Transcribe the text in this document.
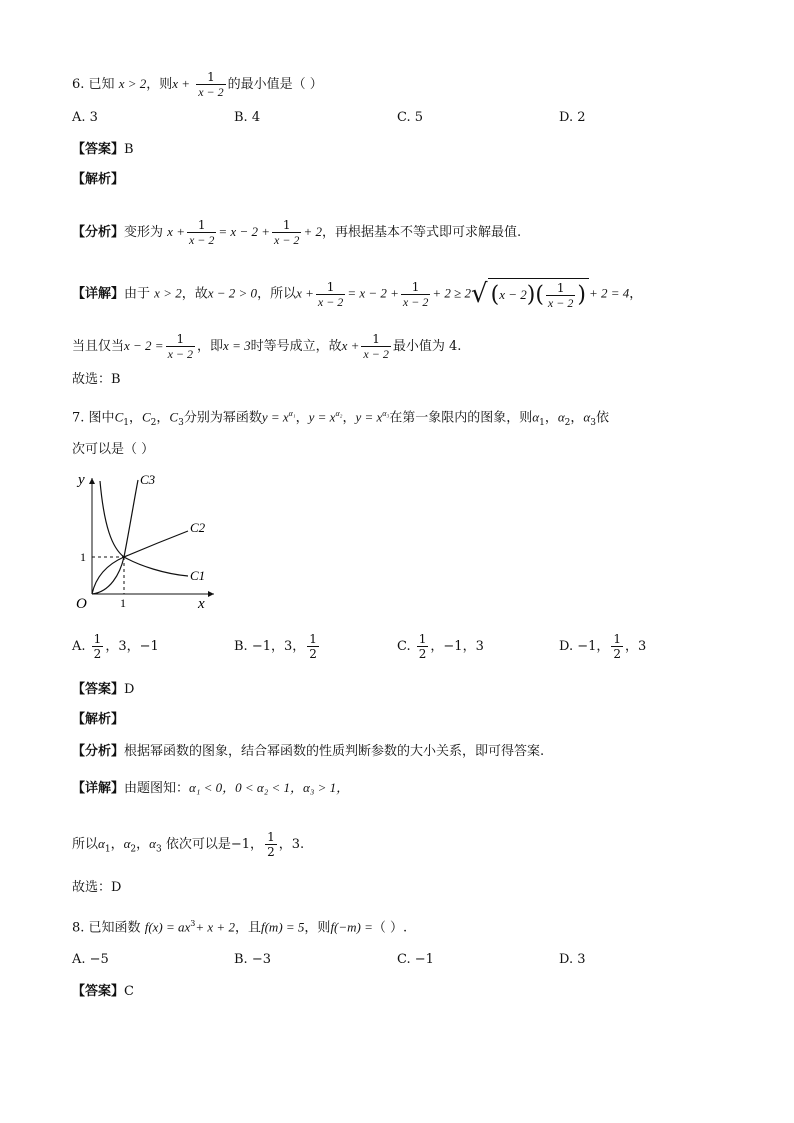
6. 已知 x > 2，则$x + \frac{1}{x - 2}$ 的最小值是（ ）
A. 3	B. 4	C. 5	D. 2
【答案】B
【解析】
【分析】变形为 $x + \frac{1}{x - 2} = x - 2 + \frac{1}{x - 2} + 2$，再根据基本不等式即可求解最值.
【详解】由于 x > 2，故x − 2 > 0，所以$x + \frac{1}{x - 2} = x - 2 + \frac{1}{x - 2} + 2 \ge 2√$ $(x - 2)( \frac{1}{x - 2}$ ) + 2 = 4，
当且仅当$x - 2 = \frac{1}{x - 2}$ ，即x = 3时等号成立，故$x + \frac{1}{x - 2}$ 最小值为 4.
故选：B
7. 图中$C_1$，$C_2$，$C_3$分别为幂函数$y = x^{\alpha_1}$，$y = x^{\alpha_2}$，$y = x^{\alpha_3}$在第一象限内的图象，则$\alpha_1$，$\alpha_2$，$\alpha_3$依
次可以是（ ）
y
x
O	1
1
C3
C2
C1
A. $\frac{1}{2}$ ，3，−1	B. −1，3， $\frac{1}{2}$	C. $\frac{1}{2}$ ，−1，3	D. −1， $\frac{1}{2}$ ，3
【答案】D
【解析】
【分析】根据幂函数的图象，结合幂函数的性质判断参数的大小关系，即可得答案.
【详解】由题图知：α₁ < 0，0 < α₂ < 1，α₃ > 1，
所以$\alpha_1$，$\alpha_2$，$\alpha_3$ 依次可以是−1， $\frac{1}{2}$ ，3.
故选：D
8. 已知函数 $f(x) = ax^3+ x + 2$，且f(m) = 5，则f(−m) =（ ）.
A. −5	B. −3	C. −1	D. 3
【答案】C
